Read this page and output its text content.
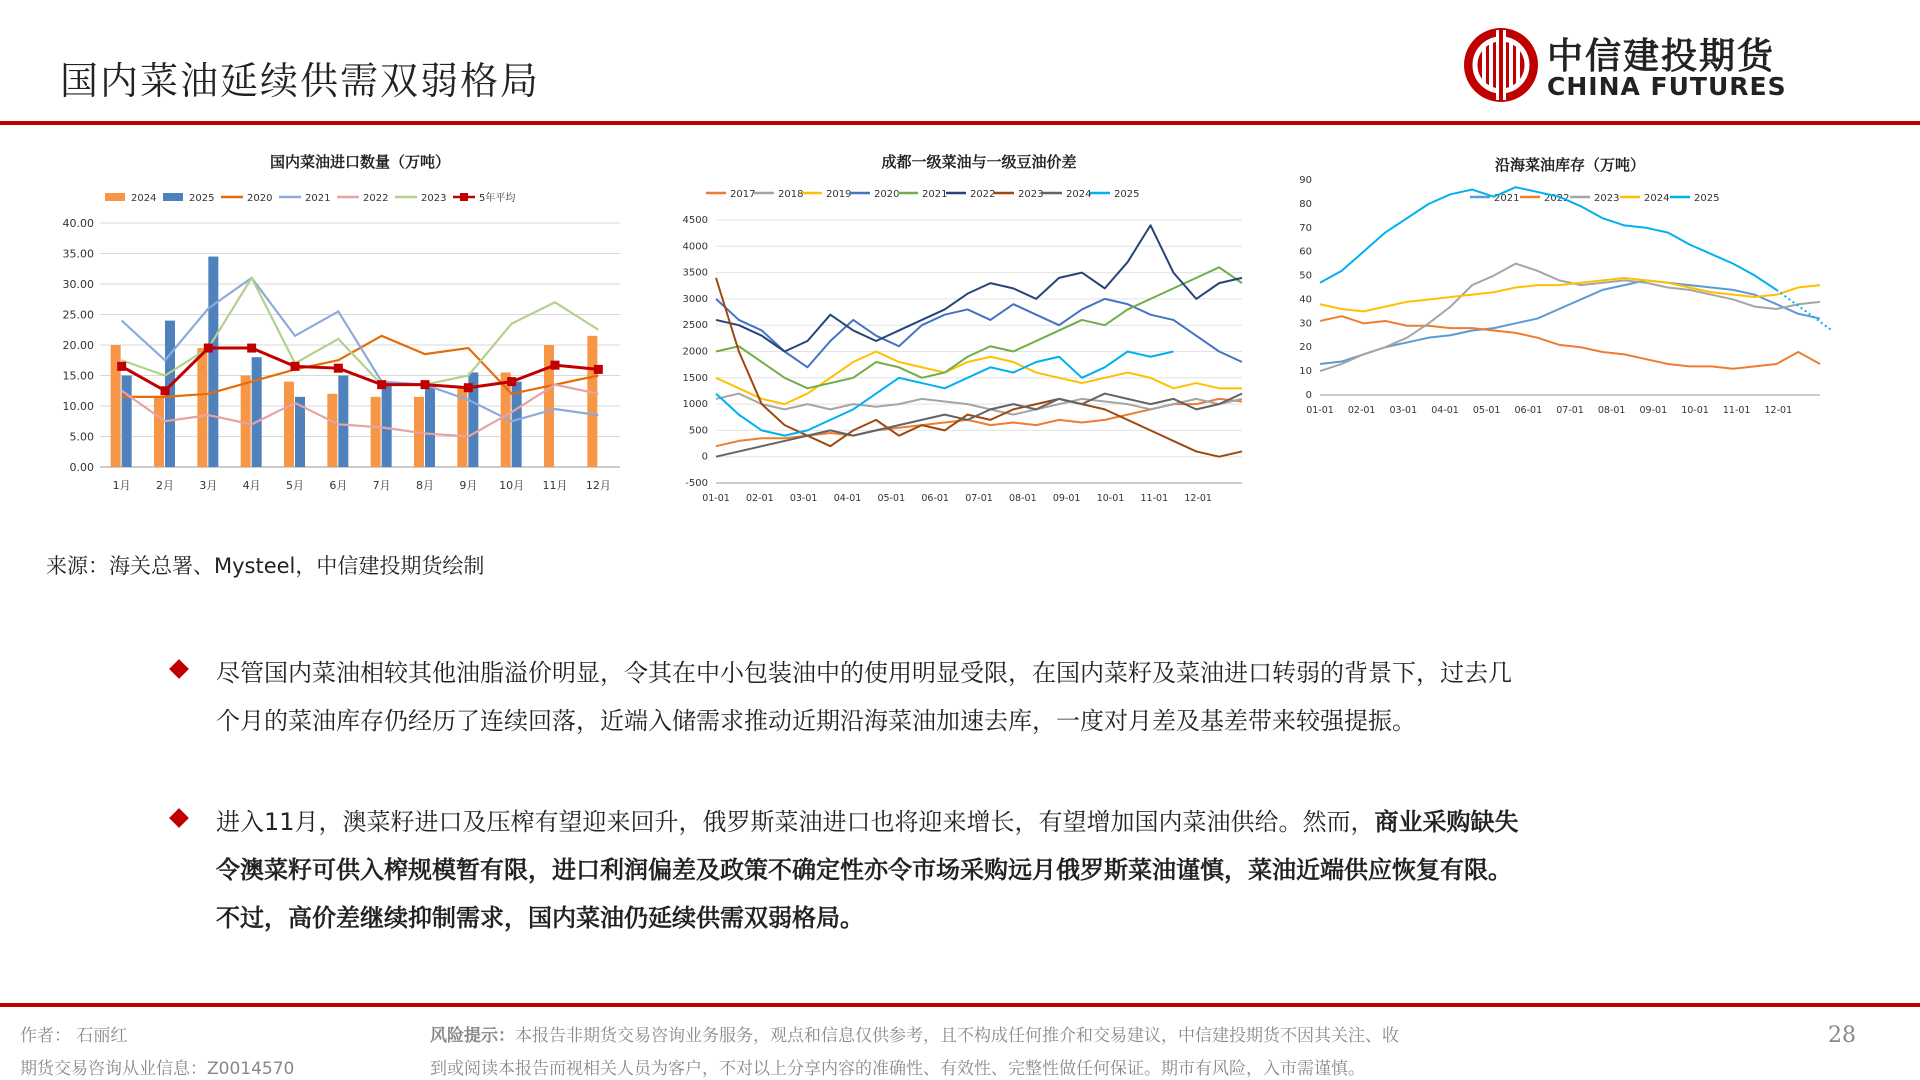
国内菜油延续供需双弱格局
中信建投期货
CHINA FUTURES
国内菜油进口数量（万吨）
2024	2025	2020	2021	2022	2023	5年平均
0.00
5.00
10.00
15.00
20.00
25.00
30.00
35.00
40.00
1月 2月 3月 4月 5月 6月 7月 8月 9月 10月 11月 12月
成都一级菜油与一级豆油价差
2017 2018 2019 2020 2021 2022 2023 2024 2025
-500
0
500
1000
1500
2000
2500
3000
3500
4000
4500
01-01 02-01 03-01 04-01 05-01 06-01 07-01 08-01 09-01 10-01 11-01 12-01
沿海菜油库存（万吨）
2021 2022 2023 2024 2025
0
10
20
30
40
50
60
70
80
90
01-01 02-01 03-01 04-01 05-01 06-01 07-01 08-01 09-01 10-01 11-01 12-01
来源：海关总署、Mysteel，中信建投期货绘制
尽管国内菜油相较其他油脂溢价明显，令其在中小包装油中的使用明显受限，在国内菜籽及菜油进口转弱的背景下，过去几
个月的菜油库存仍经历了连续回落，近端入储需求推动近期沿海菜油加速去库，一度对月差及基差带来较强提振。
进入11月，澳菜籽进口及压榨有望迎来回升，俄罗斯菜油进口也将迎来增长，有望增加国内菜油供给。然而，商业采购缺失
令澳菜籽可供入榨规模暂有限，进口利润偏差及政策不确定性亦令市场采购远月俄罗斯菜油谨慎，菜油近端供应恢复有限。
不过，高价差继续抑制需求，国内菜油仍延续供需双弱格局。
作者： 石丽红
期货交易咨询从业信息：Z0014570
风险提示：本报告非期货交易咨询业务服务，观点和信息仅供参考，且不构成任何推介和交易建议，中信建投期货不因其关注、收
到或阅读本报告而视相关人员为客户，不对以上分享内容的准确性、有效性、完整性做任何保证。期市有风险，入市需谨慎。
28
